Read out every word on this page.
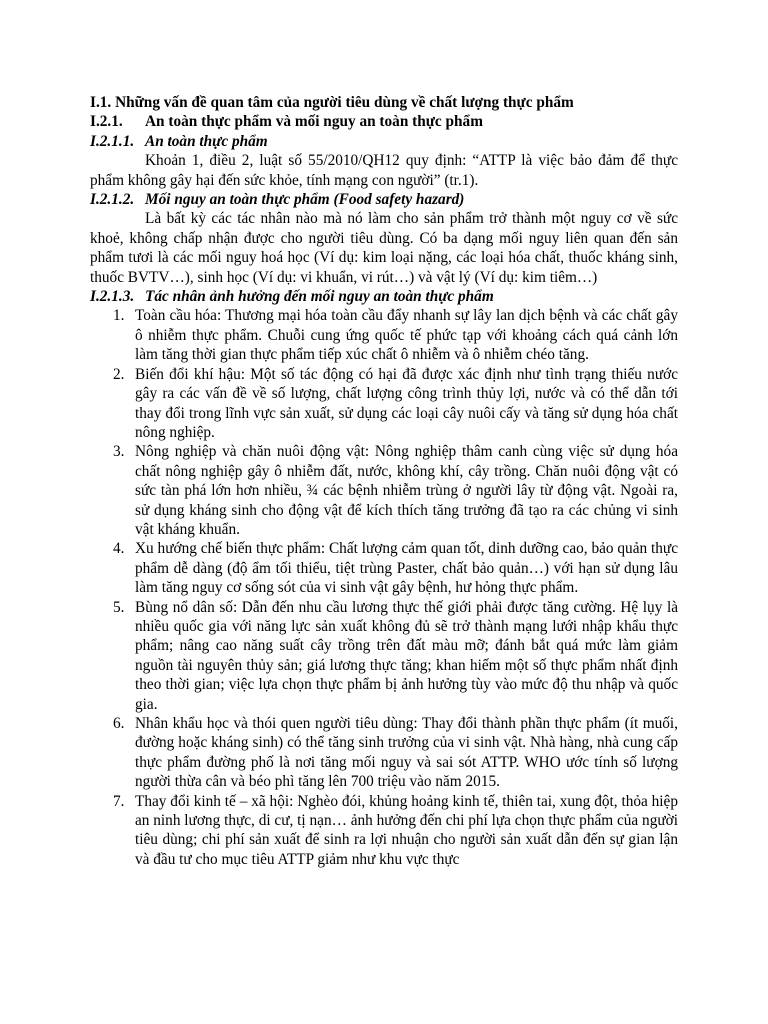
I.1. Những vấn đề quan tâm của người tiêu dùng về chất lượng thực phẩm

I.2.1. An toàn thực phẩm và mối nguy an toàn thực phẩm

I.2.1.1. An toàn thực phẩm

Khoản 1, điều 2, luật số 55/2010/QH12 quy định: “ATTP là việc bảo đảm để thực phẩm không gây hại đến sức khỏe, tính mạng con người” (tr.1).

I.2.1.2. Mối nguy an toàn thực phẩm (Food safety hazard)

Là bất kỳ các tác nhân nào mà nó làm cho sản phẩm trở thành một nguy cơ về sức khoẻ, không chấp nhận được cho người tiêu dùng. Có ba dạng mối nguy liên quan đến sản phẩm tươi là các mối nguy hoá học (Ví dụ: kim loại nặng, các loại hóa chất, thuốc kháng sinh, thuốc BVTV…), sinh học (Ví dụ: vi khuẩn, vi rút…) và vật lý (Ví dụ: kim tiêm…)

I.2.1.3. Tác nhân ảnh hưởng đến mối nguy an toàn thực phẩm

1. Toàn cầu hóa: Thương mại hóa toàn cầu đẩy nhanh sự lây lan dịch bệnh và các chất gây ô nhiễm thực phẩm. Chuỗi cung ứng quốc tế phức tạp với khoảng cách quá cảnh lớn làm tăng thời gian thực phẩm tiếp xúc chất ô nhiễm và ô nhiễm chéo tăng.
2. Biến đổi khí hậu: Một số tác động có hại đã được xác định như tình trạng thiếu nước gây ra các vấn đề về số lượng, chất lượng công trình thủy lợi, nước và có thể dẫn tới thay đổi trong lĩnh vực sản xuất, sử dụng các loại cây nuôi cấy và tăng sử dụng hóa chất nông nghiệp.
3. Nông nghiệp và chăn nuôi động vật: Nông nghiệp thâm canh cùng việc sử dụng hóa chất nông nghiệp gây ô nhiễm đất, nước, không khí, cây trồng. Chăn nuôi động vật có sức tàn phá lớn hơn nhiều, ¾ các bệnh nhiễm trùng ở người lây từ động vật. Ngoài ra, sử dụng kháng sinh cho động vật để kích thích tăng trưởng đã tạo ra các chủng vi sinh vật kháng khuẩn.
4. Xu hướng chế biến thực phẩm: Chất lượng cảm quan tốt, dinh dưỡng cao, bảo quản thực phẩm dễ dàng (độ ẩm tối thiểu, tiệt trùng Paster, chất bảo quản…) với hạn sử dụng lâu làm tăng nguy cơ sống sót của vi sinh vật gây bệnh, hư hỏng thực phẩm.
5. Bùng nổ dân số: Dẫn đến nhu cầu lương thực thế giới phải được tăng cường. Hệ lụy là nhiều quốc gia với năng lực sản xuất không đủ sẽ trở thành mạng lưới nhập khẩu thực phẩm; nâng cao năng suất cây trồng trên đất màu mỡ; đánh bắt quá mức làm giảm nguồn tài nguyên thủy sản; giá lương thực tăng; khan hiếm một số thực phẩm nhất định theo thời gian; việc lựa chọn thực phẩm bị ảnh hưởng tùy vào mức độ thu nhập và quốc gia.
6. Nhân khẩu học và thói quen người tiêu dùng: Thay đổi thành phần thực phẩm (ít muối, đường hoặc kháng sinh) có thể tăng sinh trưởng của vi sinh vật. Nhà hàng, nhà cung cấp thực phẩm đường phố là nơi tăng mối nguy và sai sót ATTP. WHO ước tính số lượng người thừa cân và béo phì tăng lên 700 triệu vào năm 2015.
7. Thay đổi kinh tế – xã hội: Nghèo đói, khủng hoảng kinh tế, thiên tai, xung đột, thỏa hiệp an ninh lương thực, di cư, tị nạn… ảnh hưởng đến chi phí lựa chọn thực phẩm của người tiêu dùng; chi phí sản xuất để sinh ra lợi nhuận cho người sản xuất dẫn đến sự gian lận và đầu tư cho mục tiêu ATTP giảm như khu vực thực
